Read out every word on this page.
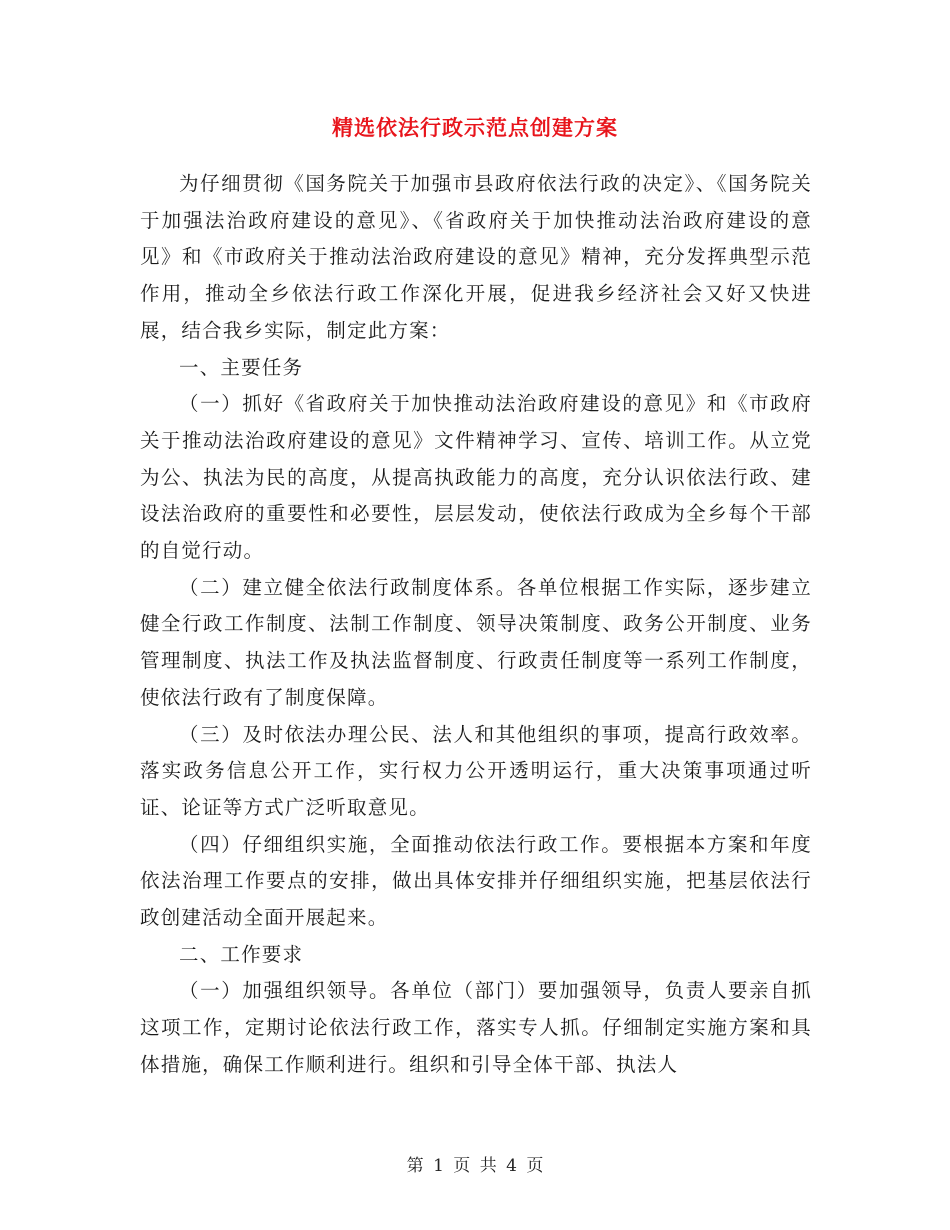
精选依法行政示范点创建方案

为仔细贯彻《国务院关于加强市县政府依法行政的决定》、《国务院关于加强法治政府建设的意见》、《省政府关于加快推动法治政府建设的意见》和《市政府关于推动法治政府建设的意见》精神，充分发挥典型示范作用，推动全乡依法行政工作深化开展，促进我乡经济社会又好又快进展，结合我乡实际，制定此方案：

一、主要任务

（一）抓好《省政府关于加快推动法治政府建设的意见》和《市政府关于推动法治政府建设的意见》文件精神学习、宣传、培训工作。从立党为公、执法为民的高度，从提高执政能力的高度，充分认识依法行政、建设法治政府的重要性和必要性，层层发动，使依法行政成为全乡每个干部的自觉行动。

（二）建立健全依法行政制度体系。各单位根据工作实际，逐步建立健全行政工作制度、法制工作制度、领导决策制度、政务公开制度、业务管理制度、执法工作及执法监督制度、行政责任制度等一系列工作制度，使依法行政有了制度保障。

（三）及时依法办理公民、法人和其他组织的事项，提高行政效率。落实政务信息公开工作，实行权力公开透明运行，重大决策事项通过听证、论证等方式广泛听取意见。

（四）仔细组织实施，全面推动依法行政工作。要根据本方案和年度依法治理工作要点的安排，做出具体安排并仔细组织实施，把基层依法行政创建活动全面开展起来。

二、工作要求

（一）加强组织领导。各单位（部门）要加强领导，负责人要亲自抓这项工作，定期讨论依法行政工作，落实专人抓。仔细制定实施方案和具体措施，确保工作顺利进行。组织和引导全体干部、执法人

第 1 页 共 4 页
